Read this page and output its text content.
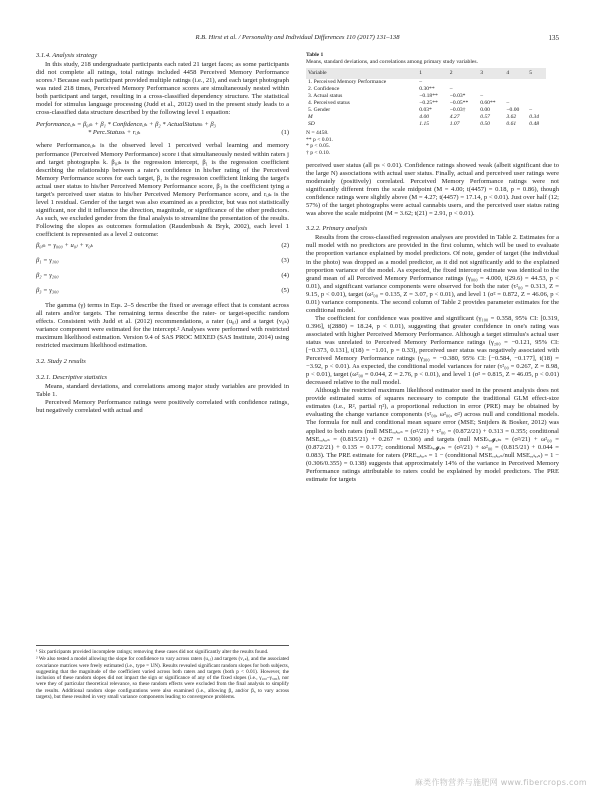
R.B. Hirst et al. / Personality and Individual Differences 110 (2017) 131–138	135
3.1.4. Analysis strategy

In this study, 218 undergraduate participants each rated 21 target faces; as some participants did not complete all ratings, total ratings included 4458 Perceived Memory Performance scores.¹ Because each participant provided multiple ratings (i.e., 21), and each target photograph was rated 218 times, Perceived Memory Performance scores are simultaneously nested within both participant and target, resulting in a cross-classified dependency structure. The statistical model for stimulus language processing (Judd et al., 2012) used in the present study leads to a cross-classified data structure described by the following level 1 equation:

Performanceᵢⱼₖ = β₀ⱼₖ + β₁ * Confidenceᵢⱼₖ + β₂ * ActualStatusₖ + β₃
* Perc.Statusₖ + rᵢⱼₖ	(1)

where Performanceᵢⱼₖ is the observed level 1 perceived verbal learning and memory performance (Perceived Memory Performance) score i that simultaneously nested within raters j and target photographs k. β₀ⱼₖ is the regression intercept, β₁ is the regression coefficient describing the relationship between a rater's confidence in his/her rating of the Perceived Memory Performance scores for each target, β₂ is the regression coefficient linking the target's actual user status to his/her Perceived Memory Performance score, β₃ is the coefficient tying a target's perceived user status to his/her Perceived Memory Performance score, and rᵢⱼₖ is the level 1 residual. Gender of the target was also examined as a predictor, but was not statistically significant, nor did it influence the direction, magnitude, or significance of the other predictors. As such, we excluded gender from the final analysis to streamline the presentation of the results. Following the slopes as outcomes formulation (Raudenbush & Bryk, 2002), each level 1 coefficient is represented as a level 2 outcome:

β₀ⱼₖ = γ₀₀₀ + u₀ⱼ + v₀ₖ	(2)
β₁ = γ₁₀₀	(3)
β₂ = γ₂₀₀	(4)
β₃ = γ₃₀₀	(5)

The gamma (γ) terms in Eqs. 2–5 describe the fixed or average effect that is constant across all raters and/or targets. The remaining terms describe the rater- or target-specific random effects. Consistent with Judd et al. (2012) recommendations, a rater (u₀ⱼ) and a target (v₀ₖ) variance component were estimated for the intercept.² Analyses were performed with restricted maximum likelihood estimation. Version 9.4 of SAS PROC MIXED (SAS Institute, 2014) using restricted maximum likelihood estimation.

3.2. Study 2 results
3.2.1. Descriptive statistics

Means, standard deviations, and correlations among major study variables are provided in Table 1.

Perceived Memory Performance ratings were positively correlated with confidence ratings, but negatively correlated with actual and

¹ Six participants provided incomplete ratings; removing these cases did not significantly alter the results found.

² We also tested a model allowing the slope for confidence to vary across raters (u₁ⱼ) and targets (v₁ₖ), and the associated covariance matrices were freely estimated (i.e., type = UN). Results revealed significant random slopes for both subjects, suggesting that the magnitude of the coefficient varied across both raters and targets (both p < 0.01). However, the inclusion of these random slopes did not impact the sign or significance of any of the fixed slopes (i.e., γ₁₀₀–γ₃₀₀), nor were they of particular theoretical relevance, so these random effects were excluded from the final analysis to simplify the results. Additional random slope configurations were also examined (i.e., allowing β₂ and/or β₃ to vary across targets), but these resulted in very small variance components leading to convergence problems.

Table 1
Means, standard deviations, and correlations among primary study variables.
Variable	1	2	3	4	5
1. Perceived Memory Performance	–				
2. Confidence	0.30**	–			
3. Actual status	−0.18**	−0.03*	–		
4. Perceived status	−0.25**	−0.05**	0.60**	–	
5. Gender	0.03*	−0.03†	0.00	−0.00	–
M	4.00	4.27	0.57	3.62	0.34
SD	1.15	1.07	0.50	0.61	0.48
N = 4458.
** p < 0.01.
* p < 0.05.
† p < 0.10.

perceived user status (all ps < 0.01). Confidence ratings showed weak (albeit significant due to the large N) associations with actual user status. Finally, actual and perceived user ratings were moderately (positively) correlated. Perceived Memory Performance ratings were not significantly different from the scale midpoint (M = 4.00; t(4457) = 0.18, p = 0.86), though confidence ratings were slightly above (M = 4.27; t(4457) = 17.14, p < 0.01). Just over half (12; 57%) of the target photographs were actual cannabis users, and the perceived user status rating was above the scale midpoint (M = 3.62; t(21) = 2.91, p < 0.01).

3.2.2. Primary analysis

Results from the cross-classified regression analyses are provided in Table 2. Estimates for a null model with no predictors are provided in the first column, which will be used to evaluate the proportion variance explained by model predictors. Of note, gender of target (the individual in the photo) was dropped as a model predictor, as it did not significantly add to the explained proportion variance of the model. As expected, the fixed intercept estimate was identical to the grand mean of all Perceived Memory Performance ratings (γ₀₀₀ = 4.000, t(29.6) = 44.53, p < 0.01), and significant variance components were observed for both the rater (τ²₀₀ = 0.313, Z = 9.15, p < 0.01), target (ω²₀₀ = 0.135, Z = 3.07, p < 0.01), and level 1 (σ² = 0.872, Z = 46.06, p < 0.01) variance components. The second column of Table 2 provides parameter estimates for the conditional model.

The coefficient for confidence was positive and significant (γ₁₀₀ = 0.358, 95% CI: [0.319, 0.396], t(2880) = 18.24, p < 0.01), suggesting that greater confidence in one's rating was associated with higher Perceived Memory Performance. Although a target stimulus's actual user status was unrelated to Perceived Memory Performance ratings (γ₂₀₀ = −0.121, 95% CI: [−0.373, 0.131], t(18) = −1.01, p = 0.33), perceived user status was negatively associated with Perceived Memory Performance ratings (γ₃₀₀ = −0.380, 95% CI: [−0.584, −0.177], t(18) = −3.92, p < 0.01). As expected, the conditional model variances for rater (τ²₀₀ = 0.267, Z = 8.98, p < 0.01), target (ω²₀₀ = 0.044, Z = 2.76, p < 0.01), and level 1 (σ² = 0.815, Z = 46.05, p < 0.01) decreased relative to the null model.

Although the restricted maximum likelihood estimator used in the present analysis does not provide estimated sums of squares necessary to compute the traditional GLM effect-size estimates (i.e., R², partial η²), a proportional reduction in error (PRE) may be obtained by evaluating the change variance components (τ²₀₀, ω²₀₀, σ²) across null and conditional models. The formula for null and conditional mean square error (MSE; Snijders & Bosker, 2012) was applied to both raters (null MSEᵣₐₜₑᵣₛ = (σ²/21) + τ²₀₀ = (0.872/21) + 0.313 = 0.355; conditional MSEᵣₐₜₑᵣₛ = (0.815/21) + 0.267 = 0.306) and targets (null MSEₜₐᵣ𝓰ₑₜₛ = (σ²/21) + ω²₀₀ = (0.872/21) + 0.135 = 0.177; conditional MSEₜₐᵣ𝓰ₑₜₛ = (σ²/21) + ω²₀₀ = (0.815/21) + 0.044 = 0.083). The PRE estimate for raters (PREᵣₐₜₑᵣₛ = 1 − (conditional MSEᵣₐₜₑᵣₛ/null MSEᵣₐₜₑᵣₛ) = 1 − (0.306/0.355) = 0.138) suggests that approximately 14% of the variance in Perceived Memory Performance ratings attributable to raters could be explained by model predictors. The PRE estimate for targets

麻类作物营养与施肥网 www.fibercrops.com
